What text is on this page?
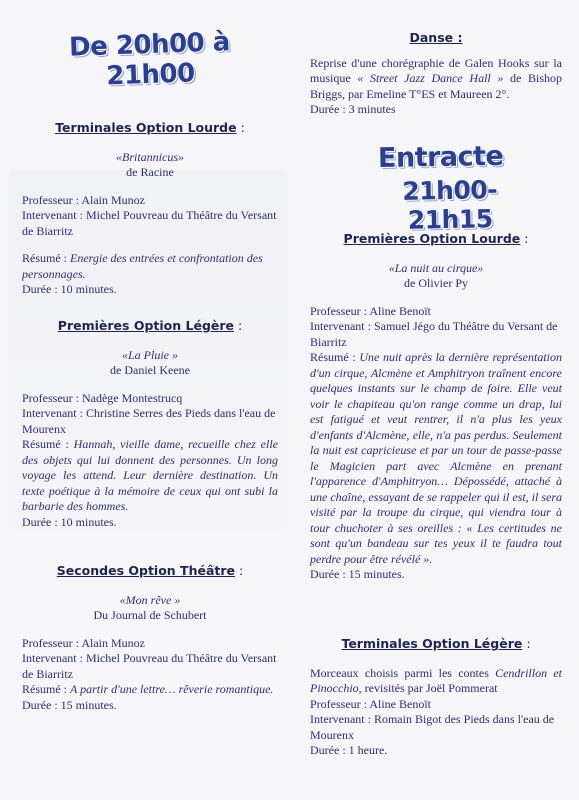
De 20h00 à 21h00

Terminales Option Lourde :

«Britannicus»

de Racine

Professeur : Alain Munoz

Intervenant : Michel Pouvreau du Théâtre du Versant de Biarritz

Résumé : Energie des entrées et confrontation des personnages.

Durée : 10 minutes.

Premières Option Légère :

«La Pluie »

de Daniel Keene

Professeur : Nadège Montestrucq

Intervenant : Christine Serres des Pieds dans l'eau de Mourenx

Résumé : Hannah, vieille dame, recueille chez elle des objets qui lui donnent des personnes. Un long voyage les attend. Leur dernière destination. Un texte poétique à la mémoire de ceux qui ont subi la barbarie des hommes.

Durée : 10 minutes.

Secondes Option Théâtre :

«Mon rêve »

Du Journal de Schubert

Professeur : Alain Munoz

Intervenant : Michel Pouvreau du Théâtre du Versant de Biarritz

Résumé : A partir d'une lettre… rêverie romantique.

Durée : 15 minutes.

Danse :

Reprise d'une chorégraphie de Galen Hooks sur la musique « Street Jazz Dance Hall » de Bishop Briggs, par Emeline T°ES et Maureen 2°.

Durée : 3 minutes

Entracte
21h00-21h15

Premières Option Lourde :

«La nuit au cirque»

de Olivier Py

Professeur : Aline Benoït

Intervenant : Samuel Jégo du Théâtre du Versant de Biarritz

Résumé : Une nuit après la dernière représentation d'un cirque, Alcmène et Amphitryon traînent encore quelques instants sur le champ de foire. Elle veut voir le chapiteau qu'on range comme un drap, lui est fatigué et veut rentrer, il n'a plus les yeux d'enfants d'Alcmène, elle, n'a pas perdus. Seulement la nuit est capricieuse et par un tour de passe-passe le Magicien part avec Alcmène en prenant l'apparence d'Amphitryon… Dépossédé, attaché à une chaîne, essayant de se rappeler qui il est, il sera visité par la troupe du cirque, qui viendra tour à tour chuchoter à ses oreilles : « Les certitudes ne sont qu'un bandeau sur tes yeux il te faudra tout perdre pour être révélé ».

Durée : 15 minutes.

Terminales Option Légère :

Morceaux choisis parmi les contes Cendrillon et Pinocchio, revisités par Joël Pommerat

Professeur : Aline Benoït

Intervenant : Romain Bigot des Pieds dans l'eau de Mourenx

Durée : 1 heure.
